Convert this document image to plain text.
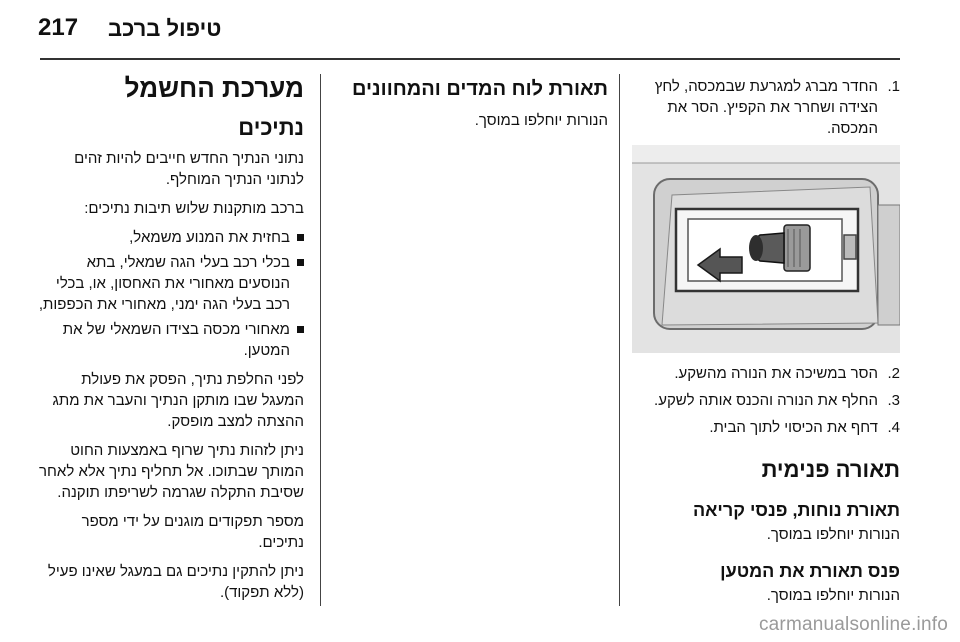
217 טיפול ברכב
1.
החדר מברג למגרעת שבמכסה, לחץ הצידה ושחרר את הקפיץ. הסר את המכסה.
2.
הסר במשיכה את הנורה מהשקע.
3.
החלף את הנורה והכנס אותה לשקע.
4.
דחף את הכיסוי לתוך הבית.
תאורה פנימית
תאורת נוחות, פנסי קריאה

הנורות יוחלפו במוסך.

פנס תאורת את המטען

הנורות יוחלפו במוסך.

תאורת לוח המדים והמחוונים

הנורות יוחלפו במוסך.

מערכת החשמל
נתיכים

נתוני הנתיך החדש חייבים להיות זהים לנתוני הנתיך המוחלף.

ברכב מותקנות שלוש תיבות נתיכים:

בחזית את המנוע משמאל,
בכלי רכב בעלי הגה שמאלי, בתא הנוסעים מאחורי את האחסון, או, בכלי רכב בעלי הגה ימני, מאחורי את הכפפות,
מאחורי מכסה בצידו השמאלי של את המטען.

לפני החלפת נתיך, הפסק את פעולת המעגל שבו מותקן הנתיך והעבר את מתג ההצתה למצב מופסק.

ניתן לזהות נתיך שרוף באמצעות החוט המותך שבתוכו. אל תחליף נתיך אלא לאחר שסיבת התקלה שגרמה לשריפתו תוקנה.

מספר תפקודים מוגנים על ידי מספר נתיכים.

ניתן להתקין נתיכים גם במעגל שאינו פעיל (ללא תפקוד).

carmanualsonline.info
